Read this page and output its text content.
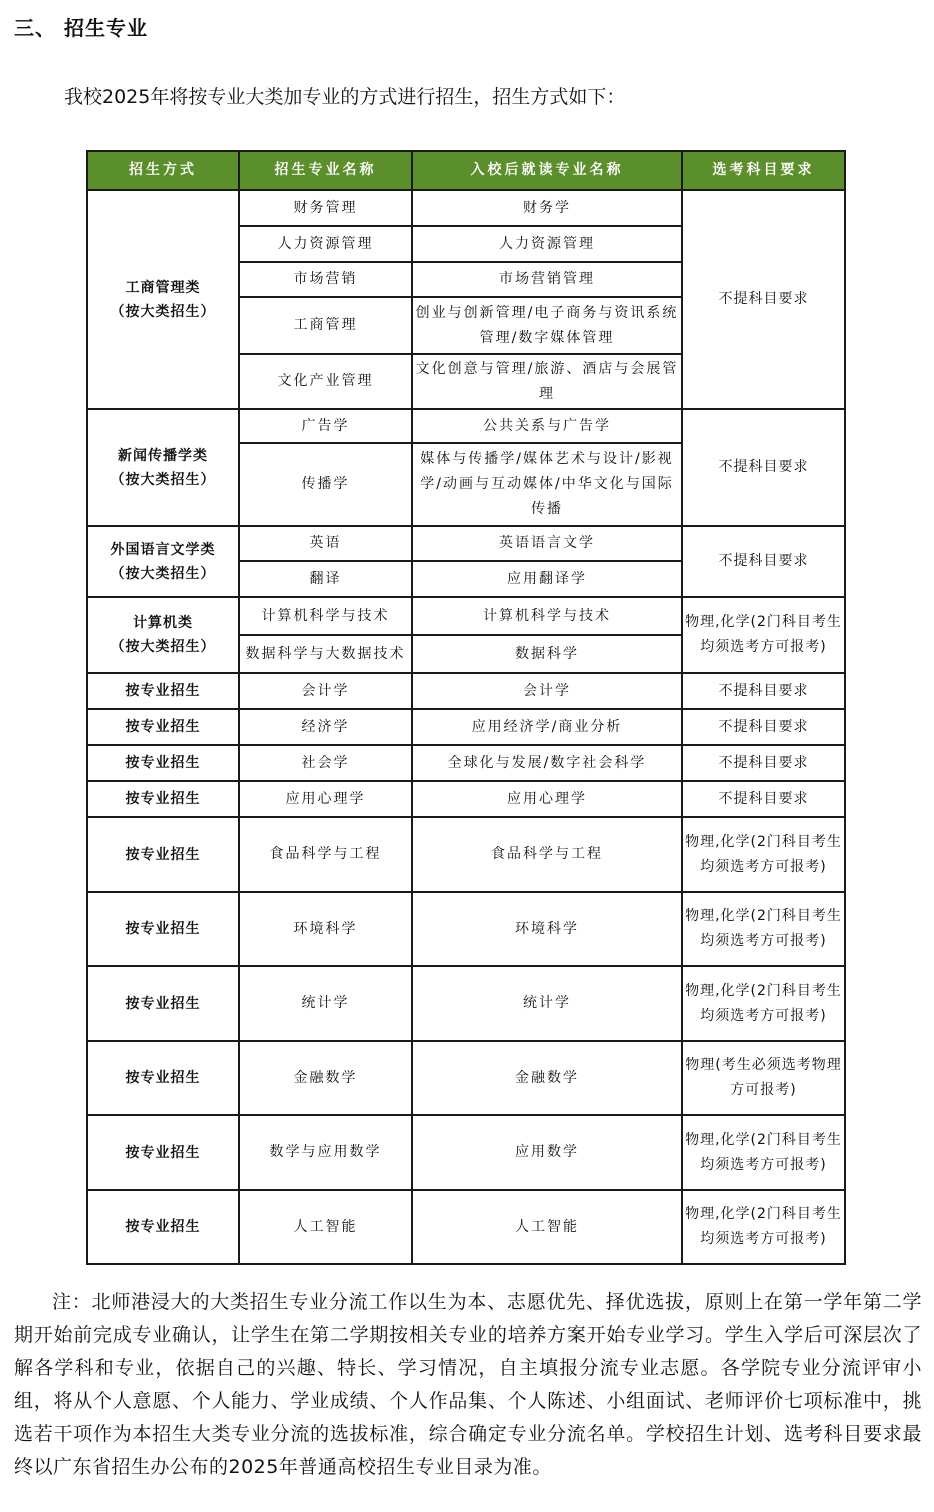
三、 招生专业
我校2025年将按专业大类加专业的方式进行招生，招生方式如下：
招生方式	招生专业名称	入校后就读专业名称	选考科目要求

工商管理类
（按大类招生）	财务管理	财务学	不提科目要求
	人力资源管理	人力资源管理	
	市场营销	市场营销管理	
	工商管理	创业与创新管理/电子商务与资讯系统管理/数字媒体管理	
	文化产业管理	文化创意与管理/旅游、酒店与会展管理	

新闻传播学类
（按大类招生）	广告学	公共关系与广告学	不提科目要求
	传播学	媒体与传播学/媒体艺术与设计/影视学/动画与互动媒体/中华文化与国际传播	

外国语言文学类
（按大类招生）	英语	英语语言文学	不提科目要求
	翻译	应用翻译学	

计算机类
（按大类招生）	计算机科学与技术	计算机科学与技术	物理,化学(2门科目考生均须选考方可报考)
	数据科学与大数据技术	数据科学	

按专业招生	会计学	会计学	不提科目要求

按专业招生	经济学	应用经济学/商业分析	不提科目要求

按专业招生	社会学	全球化与发展/数字社会科学	不提科目要求

按专业招生	应用心理学	应用心理学	不提科目要求

按专业招生	食品科学与工程	食品科学与工程	物理,化学(2门科目考生均须选考方可报考)

按专业招生	环境科学	环境科学	物理,化学(2门科目考生均须选考方可报考)

按专业招生	统计学	统计学	物理,化学(2门科目考生均须选考方可报考)

按专业招生	金融数学	金融数学	物理(考生必须选考物理方可报考)

按专业招生	数学与应用数学	应用数学	物理,化学(2门科目考生均须选考方可报考)

按专业招生	人工智能	人工智能	物理,化学(2门科目考生均须选考方可报考)
注：北师港浸大的大类招生专业分流工作以生为本、志愿优先、择优选拔，原则上在第一学年第二学期开始前完成专业确认，让学生在第二学期按相关专业的培养方案开始专业学习。学生入学后可深层次了解各学科和专业，依据自己的兴趣、特长、学习情况，自主填报分流专业志愿。各学院专业分流评审小组，将从个人意愿、个人能力、学业成绩、个人作品集、个人陈述、小组面试、老师评价七项标准中，挑选若干项作为本招生大类专业分流的选拔标准，综合确定专业分流名单。学校招生计划、选考科目要求最终以广东省招生办公布的2025年普通高校招生专业目录为准。
